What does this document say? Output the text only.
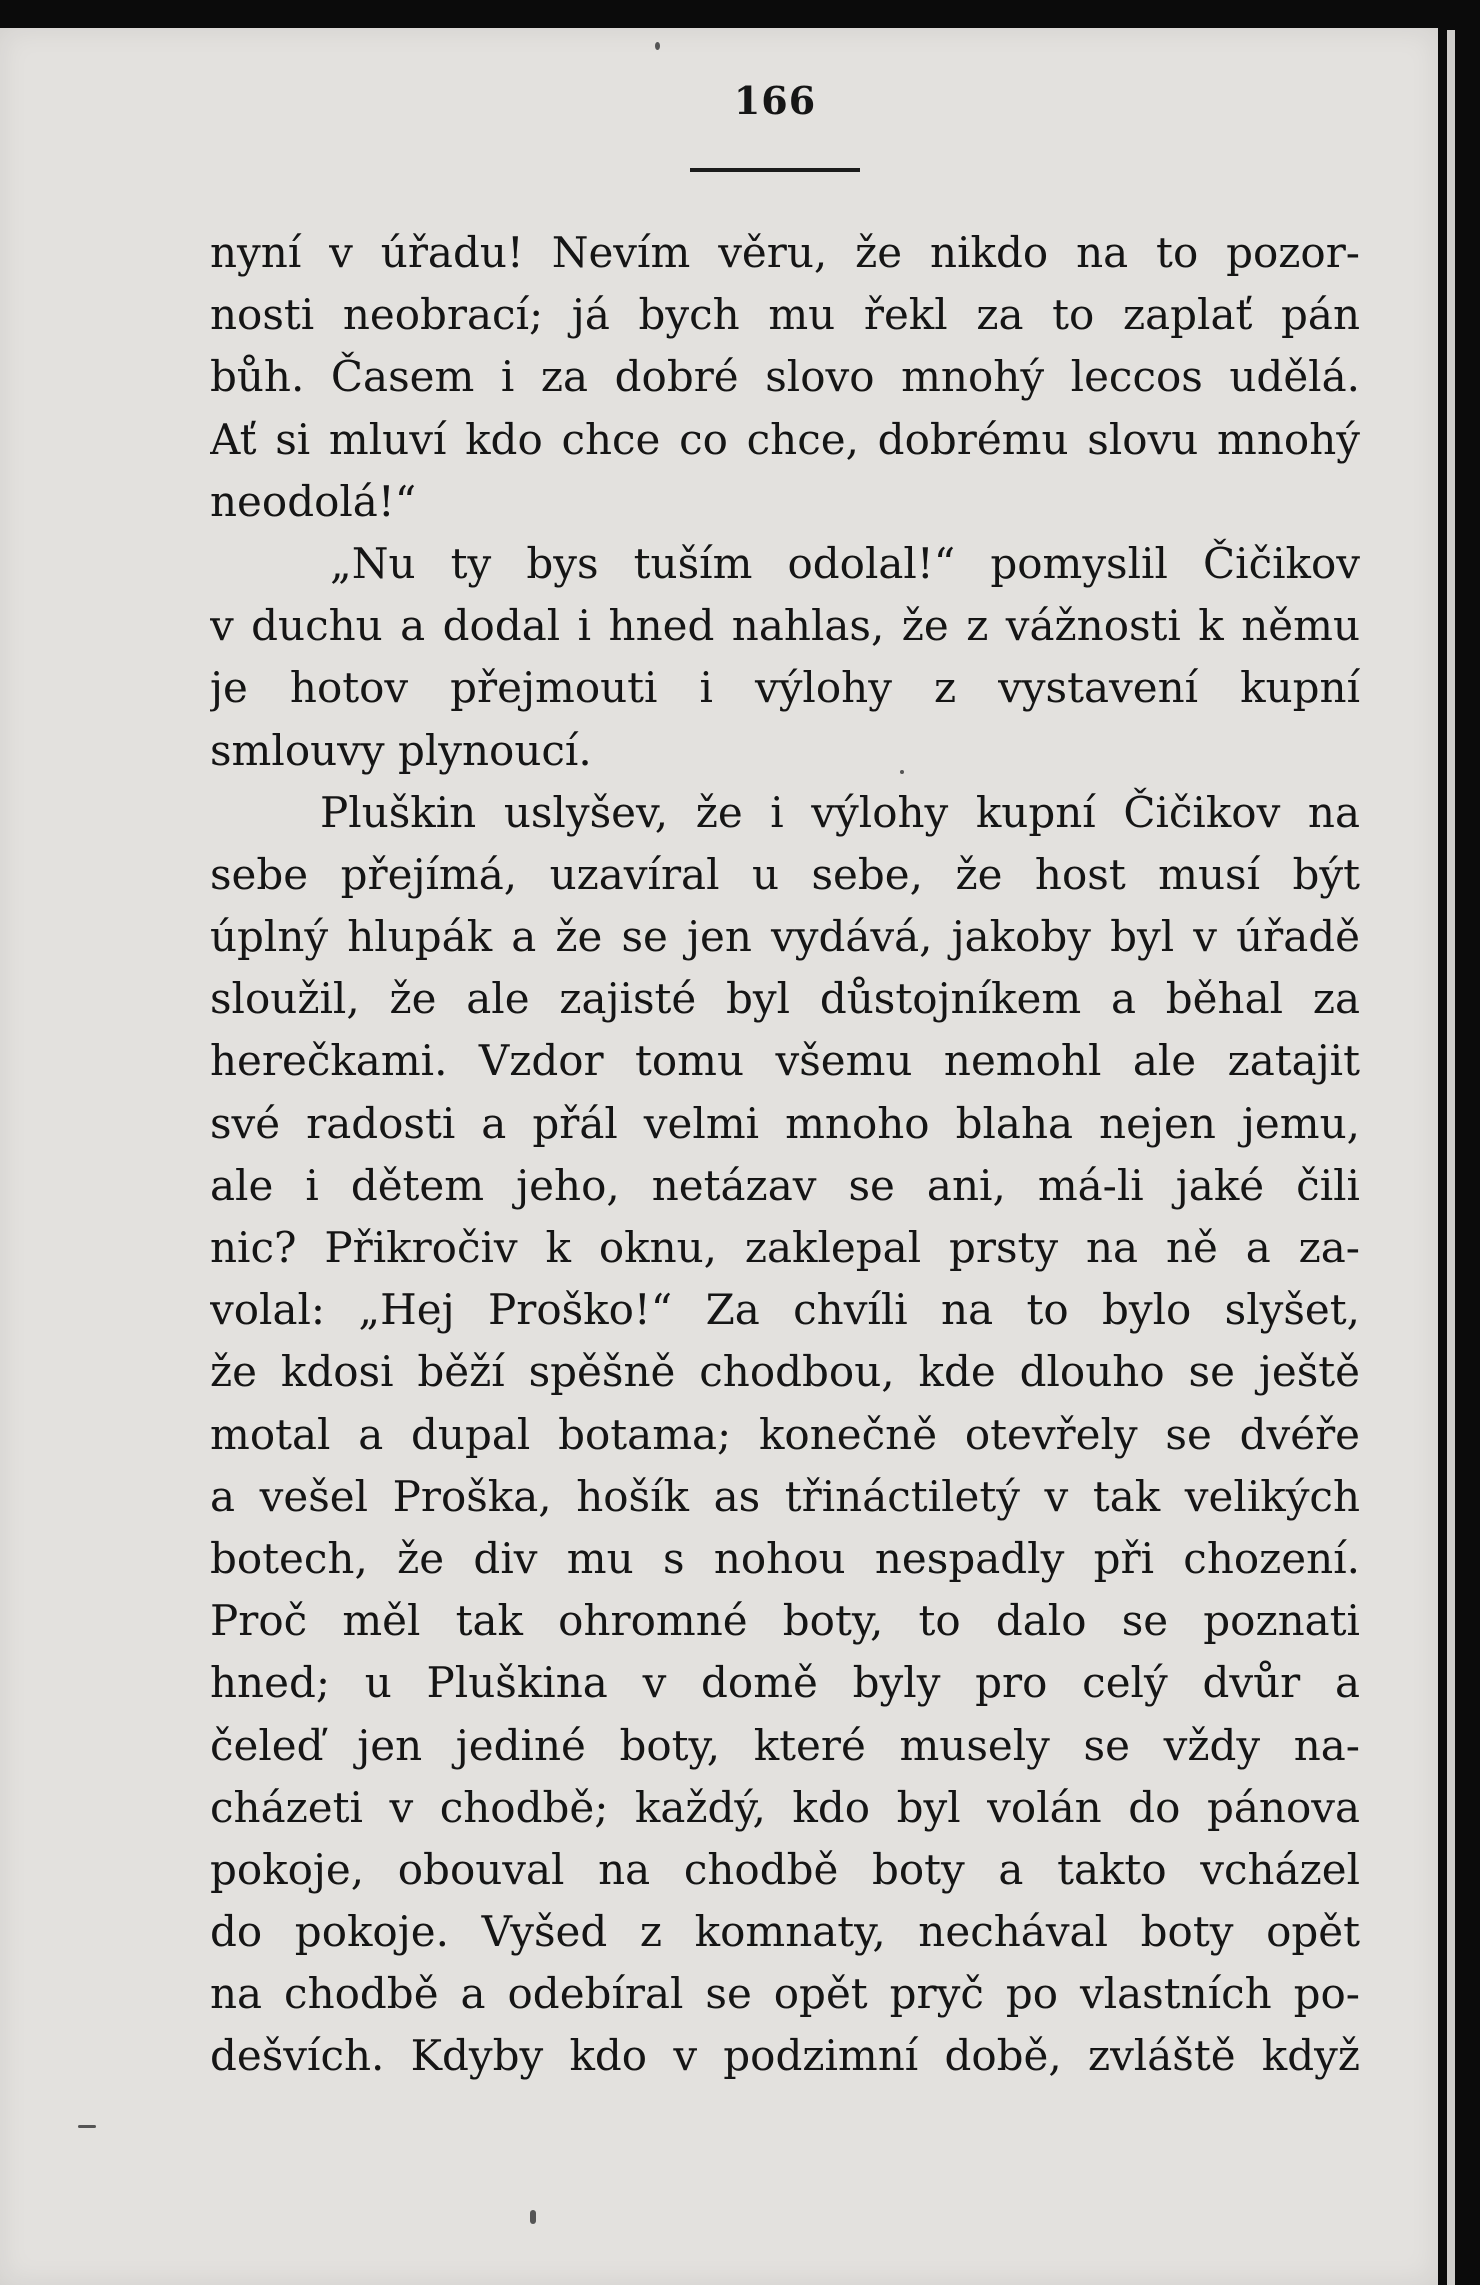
166
nyní v úřadu! Nevím věru, že nikdo na to pozor-
nosti neobrací; já bych mu řekl za to zaplať pán
bůh. Časem i za dobré slovo mnohý leccos udělá.
Ať si mluví kdo chce co chce, dobrému slovu mnohý
neodolá!“
„Nu ty bys tuším odolal!“ pomyslil Čičikov
v duchu a dodal i hned nahlas, že z vážnosti k němu
je hotov přejmouti i výlohy z vystavení kupní
smlouvy plynoucí.
Pluškin uslyšev, že i výlohy kupní Čičikov na
sebe přejímá, uzavíral u sebe, že host musí být
úplný hlupák a že se jen vydává, jakoby byl v úřadě
sloužil, že ale zajisté byl důstojníkem a běhal za
herečkami. Vzdor tomu všemu nemohl ale zatajit
své radosti a přál velmi mnoho blaha nejen jemu,
ale i dětem jeho, netázav se ani, má-li jaké čili
nic? Přikročiv k oknu, zaklepal prsty na ně a za-
volal: „Hej Proško!“ Za chvíli na to bylo slyšet,
že kdosi běží spěšně chodbou, kde dlouho se ještě
motal a dupal botama; konečně otevřely se dvéře
a vešel Proška, hošík as třináctiletý v tak velikých
botech, že div mu s nohou nespadly při chození.
Proč měl tak ohromné boty, to dalo se poznati
hned; u Pluškina v domě byly pro celý dvůr a
čeleď jen jediné boty, které musely se vždy na-
cházeti v chodbě; každý, kdo byl volán do pánova
pokoje, obouval na chodbě boty a takto vcházel
do pokoje. Vyšed z komnaty, nechával boty opět
na chodbě a odebíral se opět pryč po vlastních po-
dešvích. Kdyby kdo v podzimní době, zvláště když
